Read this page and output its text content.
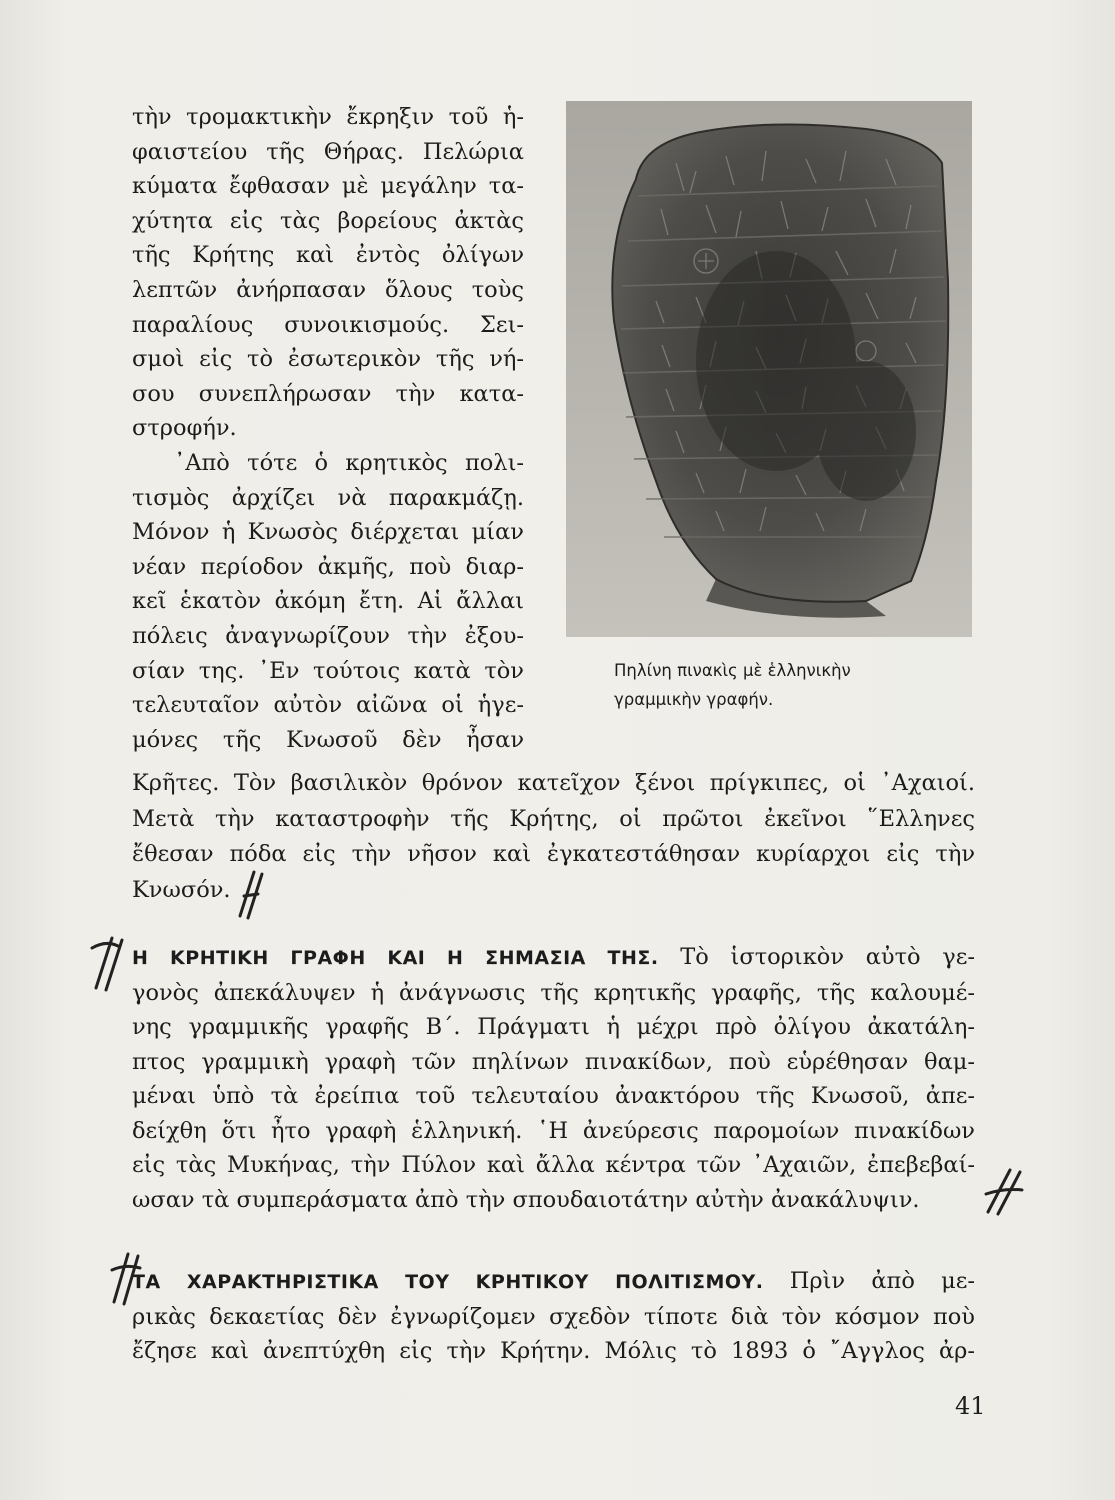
τὴν τρομακτικὴν ἔκρηξιν τοῦ ἡ-
φαιστείου τῆς Θήρας. Πελώρια
κύματα ἔφθασαν μὲ μεγάλην τα-
χύτητα εἰς τὰς βορείους ἀκτὰς
τῆς Κρήτης καὶ ἐντὸς ὀλίγων
λεπτῶν ἀνήρπασαν ὅλους τοὺς
παραλίους συνοικισμούς. Σει-
σμοὶ εἰς τὸ ἐσωτερικὸν τῆς νή-
σου συνεπλήρωσαν τὴν κατα-
στροφήν.
᾿Απὸ τότε ὁ κρητικὸς πολι-
τισμὸς ἀρχίζει νὰ παρακμάζῃ.
Μόνον ἡ Κνωσὸς διέρχεται μίαν
νέαν περίοδον ἀκμῆς, ποὺ διαρ-
κεῖ ἑκατὸν ἀκόμη ἔτη. Αἱ ἄλλαι
πόλεις ἀναγνωρίζουν τὴν ἐξου-
σίαν της. ᾿Εν τούτοις κατὰ τὸν
τελευταῖον αὐτὸν αἰῶνα οἱ ἡγε-
μόνες τῆς Κνωσοῦ δὲν ἦσαν
Πηλίνη πινακὶς μὲ ἑλληνικὴν
γραμμικὴν γραφήν.
Κρῆτες. Τὸν βασιλικὸν θρόνον κατεῖχον ξένοι πρίγκιπες, οἱ ᾿Αχαιοί.
Μετὰ τὴν καταστροφὴν τῆς Κρήτης, οἱ πρῶτοι ἐκεῖνοι ῞Ελληνες
ἔθεσαν πόδα εἰς τὴν νῆσον καὶ ἐγκατεστάθησαν κυρίαρχοι εἰς τὴν
Κνωσόν.
Η ΚΡΗΤΙΚΗ ΓΡΑΦΗ ΚΑΙ Η ΣΗΜΑΣΙΑ ΤΗΣ. Τὸ ἱστορικὸν αὐτὸ γε-
γονὸς ἀπεκάλυψεν ἡ ἀνάγνωσις τῆς κρητικῆς γραφῆς, τῆς καλουμέ-
νης γραμμικῆς γραφῆς Β΄. Πράγματι ἡ μέχρι πρὸ ὀλίγου ἀκατάλη-
πτος γραμμικὴ γραφὴ τῶν πηλίνων πινακίδων, ποὺ εὑρέθησαν θαμ-
μέναι ὑπὸ τὰ ἐρείπια τοῦ τελευταίου ἀνακτόρου τῆς Κνωσοῦ, ἀπε-
δείχθη ὅτι ἦτο γραφὴ ἑλληνική. ῾Η ἀνεύρεσις παρομοίων πινακίδων
εἰς τὰς Μυκήνας, τὴν Πύλον καὶ ἄλλα κέντρα τῶν ᾿Αχαιῶν, ἐπεβεβαί-
ωσαν τὰ συμπεράσματα ἀπὸ τὴν σπουδαιοτάτην αὐτὴν ἀνακάλυψιν.
ΤΑ ΧΑΡΑΚΤΗΡΙΣΤΙΚΑ ΤΟΥ ΚΡΗΤΙΚΟΥ ΠΟΛΙΤΙΣΜΟΥ. Πρὶν ἀπὸ με-
ρικὰς δεκαετίας δὲν ἐγνωρίζομεν σχεδὸν τίποτε διὰ τὸν κόσμον ποὺ
ἔζησε καὶ ἀνεπτύχθη εἰς τὴν Κρήτην. Μόλις τὸ 1893 ὁ ῎Αγγλος ἀρ-
41
